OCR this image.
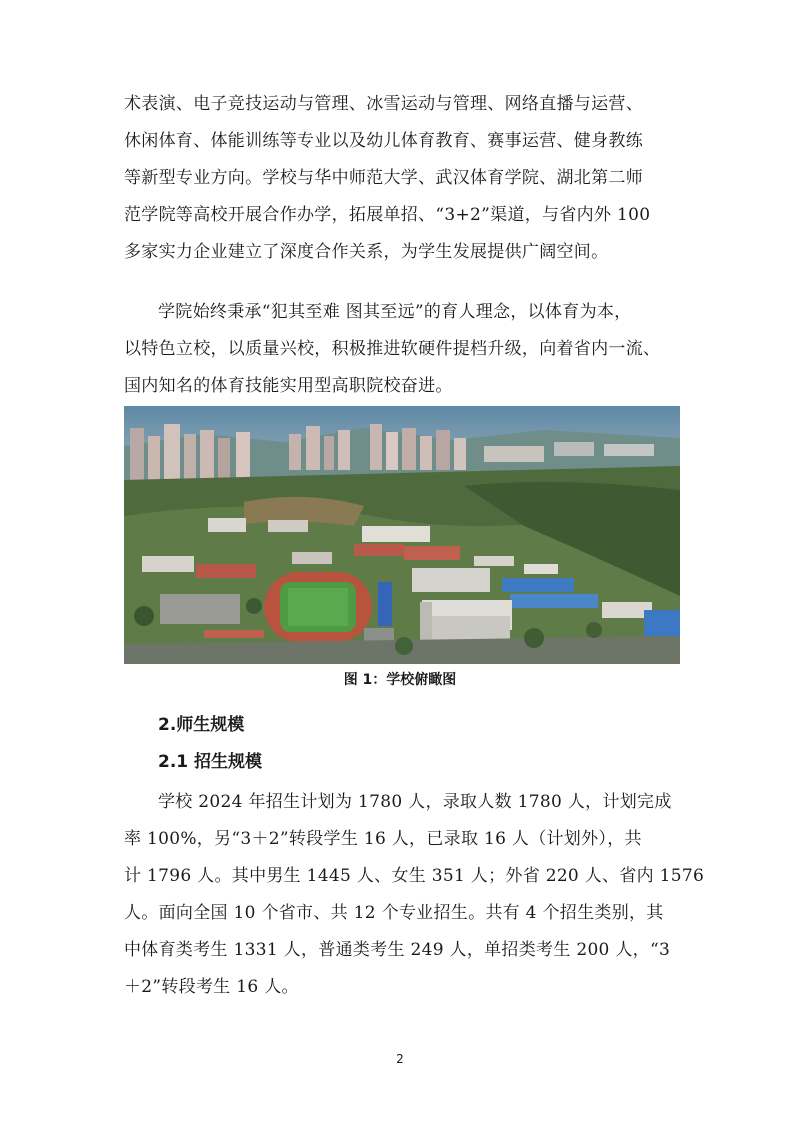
术表演、电子竞技运动与管理、冰雪运动与管理、网络直播与运营、
休闲体育、体能训练等专业以及幼儿体育教育、赛事运营、健身教练
等新型专业方向。学校与华中师范大学、武汉体育学院、湖北第二师
范学院等高校开展合作办学，拓展单招、“3+2”渠道，与省内外 100
多家实力企业建立了深度合作关系，为学生发展提供广阔空间。
学院始终秉承“犯其至难 图其至远”的育人理念，以体育为本，
以特色立校，以质量兴校，积极推进软硬件提档升级，向着省内一流、
国内知名的体育技能实用型高职院校奋进。
图 1：学校俯瞰图
2.师生规模
2.1 招生规模
学校 2024 年招生计划为 1780 人，录取人数 1780 人，计划完成
率 100%，另“3＋2”转段学生 16 人，已录取 16 人（计划外），共
计 1796 人。其中男生 1445 人、女生 351 人；外省 220 人、省内 1576
人。面向全国 10 个省市、共 12 个专业招生。共有 4 个招生类别，其
中体育类考生 1331 人，普通类考生 249 人，单招类考生 200 人，“3
＋2”转段考生 16 人。
2
